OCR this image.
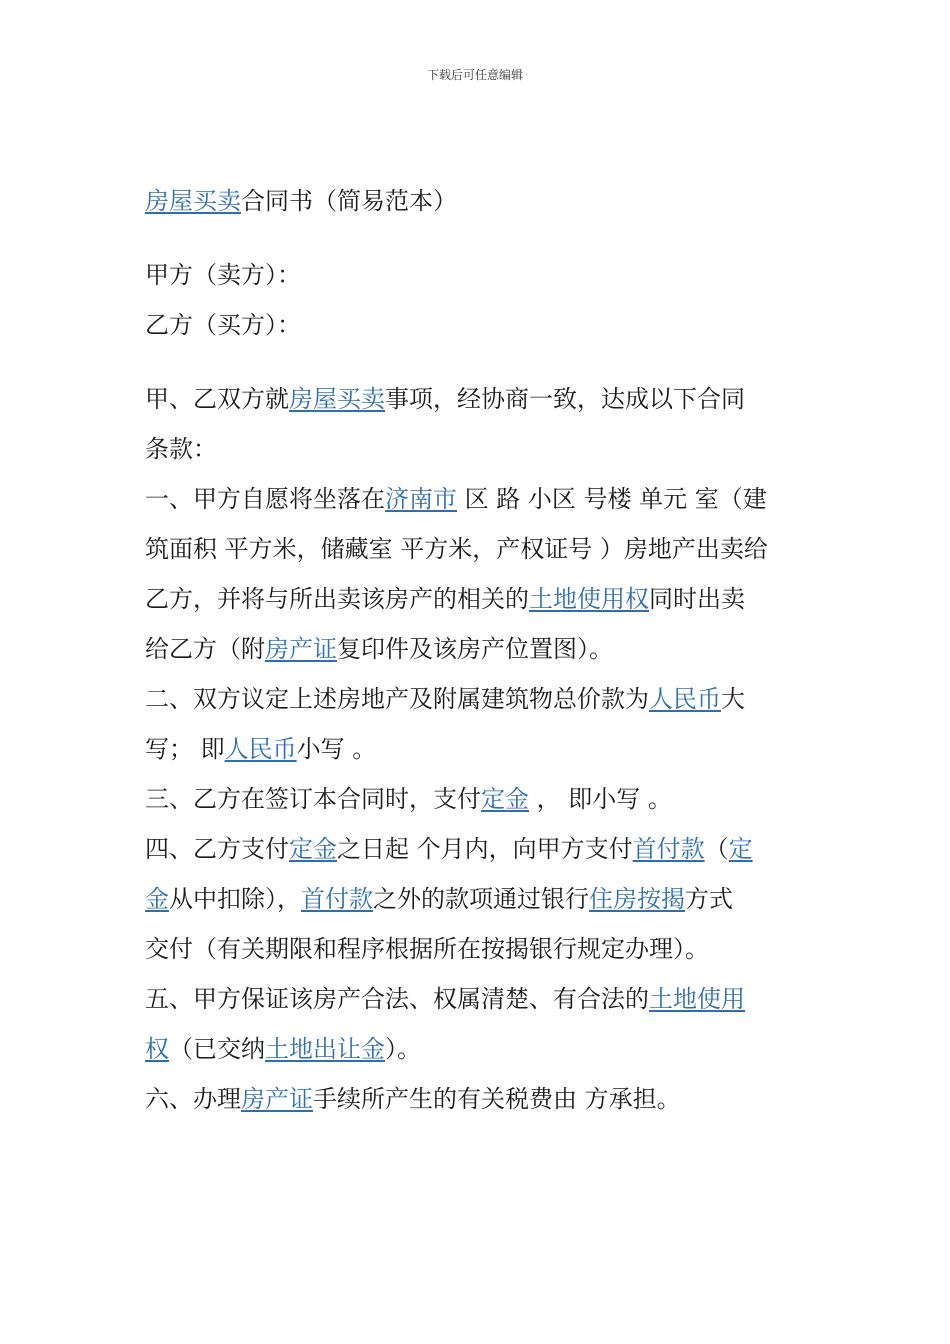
下载后可任意编辑
房屋买卖合同书（简易范本）
甲方（卖方）：
乙方（买方）：
甲、乙双方就房屋买卖事项，经协商一致，达成以下合同
条款：
一、甲方自愿将坐落在济南市 区 路 小区 号楼 单元 室（建
筑面积 平方米，储藏室 平方米，产权证号 ）房地产出卖给
乙方，并将与所出卖该房产的相关的土地使用权同时出卖
给乙方（附房产证复印件及该房产位置图）。
二、双方议定上述房地产及附属建筑物总价款为人民币大
写； 即人民币小写 。
三、乙方在签订本合同时，支付定金 ， 即小写 。
四、乙方支付定金之日起 个月内，向甲方支付首付款（定
金从中扣除），首付款之外的款项通过银行住房按揭方式
交付（有关期限和程序根据所在按揭银行规定办理）。
五、甲方保证该房产合法、权属清楚、有合法的土地使用
权（已交纳土地出让金）。
六、办理房产证手续所产生的有关税费由 方承担。
